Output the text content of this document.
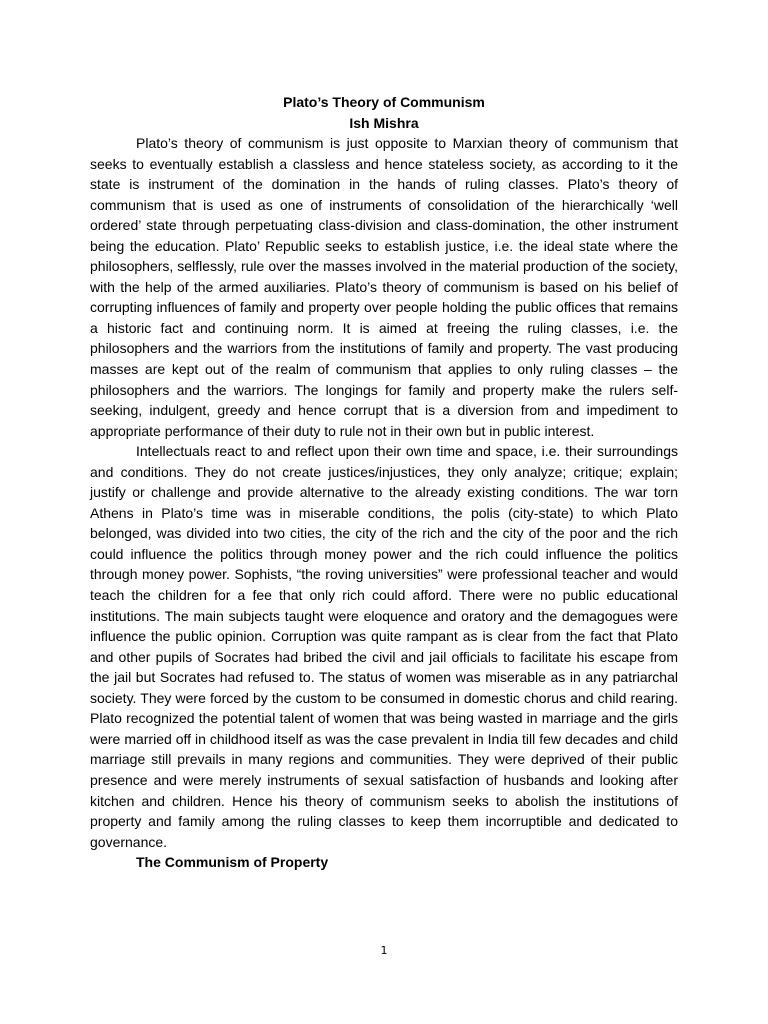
Plato’s Theory of Communism

Ish Mishra

Plato’s theory of communism is just opposite to Marxian theory of communism that seeks to eventually establish a classless and hence stateless society, as according to it the state is instrument of the domination in the hands of ruling classes. Plato’s theory of communism that is used as one of instruments of consolidation of the hierarchically ‘well ordered’ state through perpetuating class-division and class-domination, the other instrument being the education. Plato’ Republic seeks to establish justice, i.e. the ideal state where the philosophers, selflessly, rule over the masses involved in the material production of the society, with the help of the armed auxiliaries. Plato’s theory of communism is based on his belief of corrupting influences of family and property over people holding the public offices that remains a historic fact and continuing norm. It is aimed at freeing the ruling classes, i.e. the philosophers and the warriors from the institutions of family and property. The vast producing masses are kept out of the realm of communism that applies to only ruling classes – the philosophers and the warriors. The longings for family and property make the rulers self-seeking, indulgent, greedy and hence corrupt that is a diversion from and impediment to appropriate performance of their duty to rule not in their own but in public interest.

Intellectuals react to and reflect upon their own time and space, i.e. their surroundings and conditions. They do not create justices/injustices, they only analyze; critique; explain; justify or challenge and provide alternative to the already existing conditions. The war torn Athens in Plato’s time was in miserable conditions, the polis (city-state) to which Plato belonged, was divided into two cities, the city of the rich and the city of the poor and the rich could influence the politics through money power and the rich could influence the politics through money power. Sophists, “the roving universities” were professional teacher and would teach the children for a fee that only rich could afford. There were no public educational institutions. The main subjects taught were eloquence and oratory and the demagogues were influence the public opinion. Corruption was quite rampant as is clear from the fact that Plato and other pupils of Socrates had bribed the civil and jail officials to facilitate his escape from the jail but Socrates had refused to. The status of women was miserable as in any patriarchal society. They were forced by the custom to be consumed in domestic chorus and child rearing. Plato recognized the potential talent of women that was being wasted in marriage and the girls were married off in childhood itself as was the case prevalent in India till few decades and child marriage still prevails in many regions and communities. They were deprived of their public presence and were merely instruments of sexual satisfaction of husbands and looking after kitchen and children. Hence his theory of communism seeks to abolish the institutions of property and family among the ruling classes to keep them incorruptible and dedicated to governance.

The Communism of Property

1
